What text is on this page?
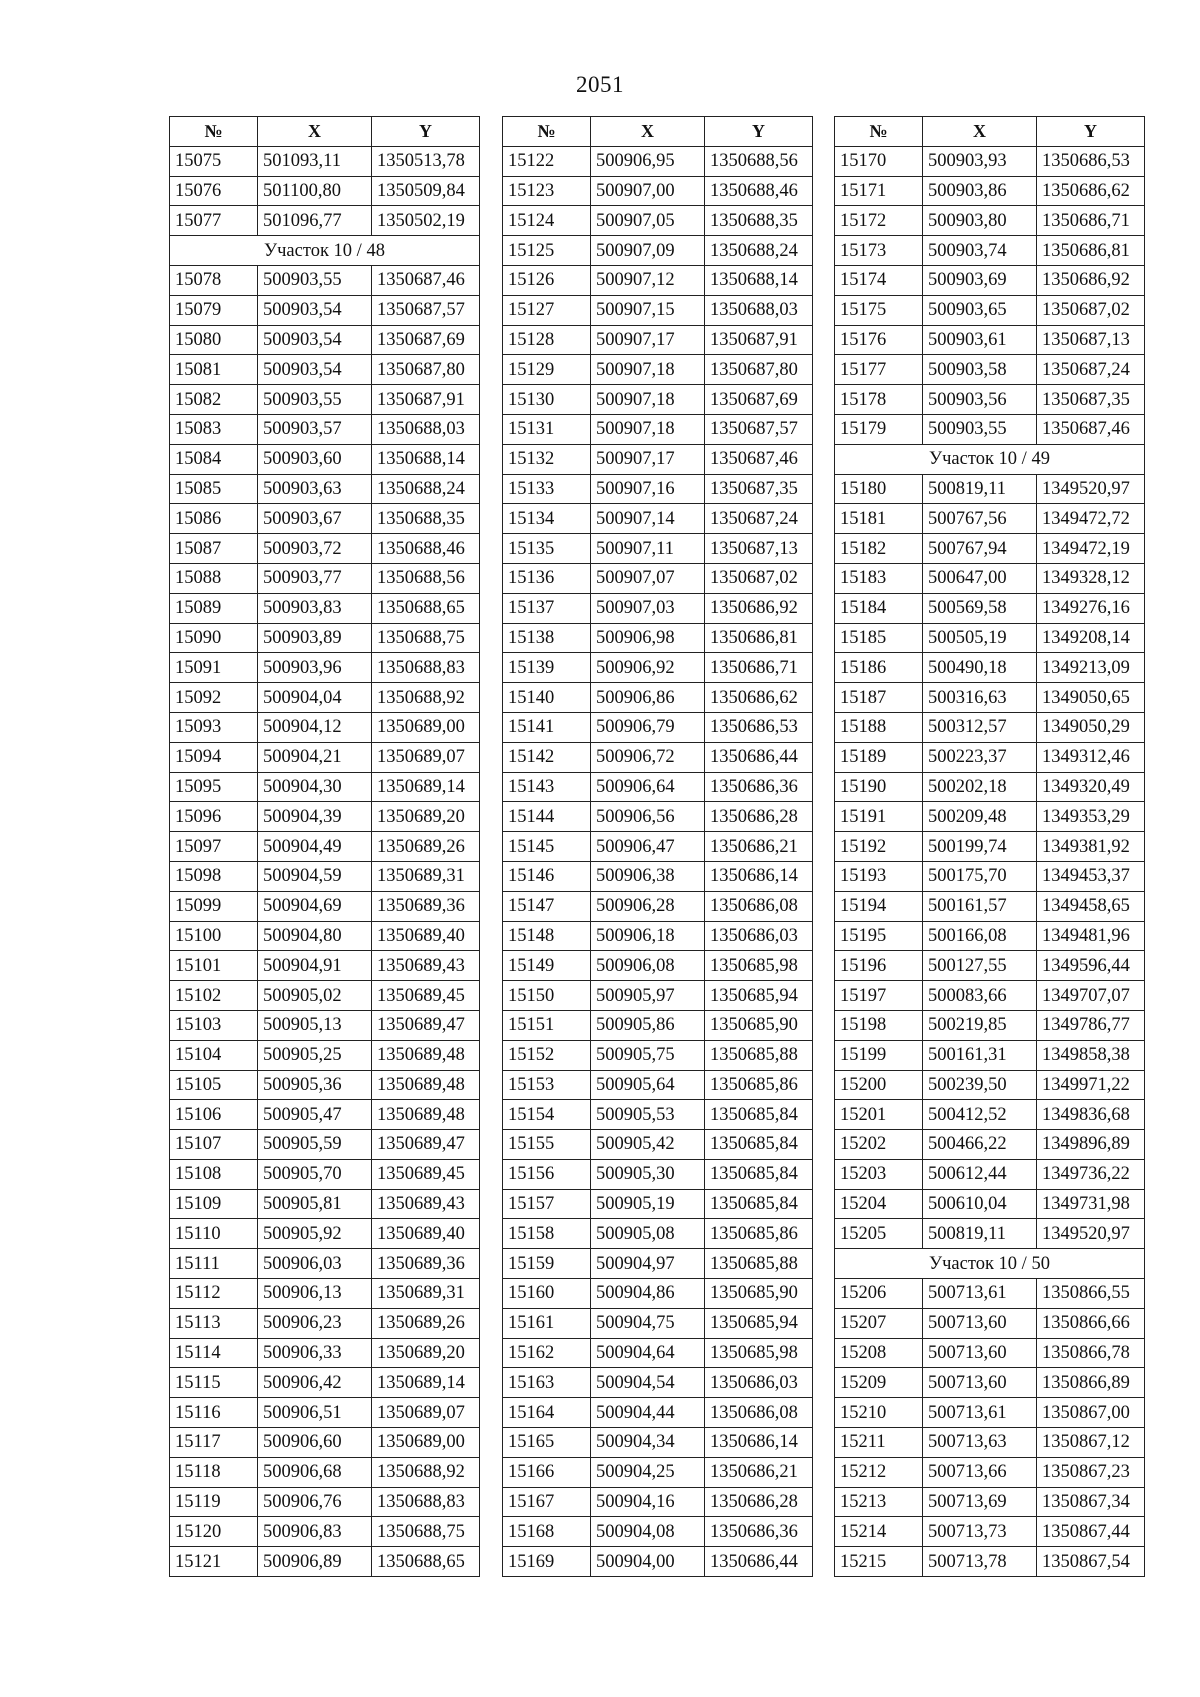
2051
№	X	Y
15075	501093,11	1350513,78
15076	501100,80	1350509,84
15077	501096,77	1350502,19
Участок 10 / 48		
15078	500903,55	1350687,46
15079	500903,54	1350687,57
15080	500903,54	1350687,69
15081	500903,54	1350687,80
15082	500903,55	1350687,91
15083	500903,57	1350688,03
15084	500903,60	1350688,14
15085	500903,63	1350688,24
15086	500903,67	1350688,35
15087	500903,72	1350688,46
15088	500903,77	1350688,56
15089	500903,83	1350688,65
15090	500903,89	1350688,75
15091	500903,96	1350688,83
15092	500904,04	1350688,92
15093	500904,12	1350689,00
15094	500904,21	1350689,07
15095	500904,30	1350689,14
15096	500904,39	1350689,20
15097	500904,49	1350689,26
15098	500904,59	1350689,31
15099	500904,69	1350689,36
15100	500904,80	1350689,40
15101	500904,91	1350689,43
15102	500905,02	1350689,45
15103	500905,13	1350689,47
15104	500905,25	1350689,48
15105	500905,36	1350689,48
15106	500905,47	1350689,48
15107	500905,59	1350689,47
15108	500905,70	1350689,45
15109	500905,81	1350689,43
15110	500905,92	1350689,40
15111	500906,03	1350689,36
15112	500906,13	1350689,31
15113	500906,23	1350689,26
15114	500906,33	1350689,20
15115	500906,42	1350689,14
15116	500906,51	1350689,07
15117	500906,60	1350689,00
15118	500906,68	1350688,92
15119	500906,76	1350688,83
15120	500906,83	1350688,75
15121	500906,89	1350688,65
№	X	Y
15122	500906,95	1350688,56
15123	500907,00	1350688,46
15124	500907,05	1350688,35
15125	500907,09	1350688,24
15126	500907,12	1350688,14
15127	500907,15	1350688,03
15128	500907,17	1350687,91
15129	500907,18	1350687,80
15130	500907,18	1350687,69
15131	500907,18	1350687,57
15132	500907,17	1350687,46
15133	500907,16	1350687,35
15134	500907,14	1350687,24
15135	500907,11	1350687,13
15136	500907,07	1350687,02
15137	500907,03	1350686,92
15138	500906,98	1350686,81
15139	500906,92	1350686,71
15140	500906,86	1350686,62
15141	500906,79	1350686,53
15142	500906,72	1350686,44
15143	500906,64	1350686,36
15144	500906,56	1350686,28
15145	500906,47	1350686,21
15146	500906,38	1350686,14
15147	500906,28	1350686,08
15148	500906,18	1350686,03
15149	500906,08	1350685,98
15150	500905,97	1350685,94
15151	500905,86	1350685,90
15152	500905,75	1350685,88
15153	500905,64	1350685,86
15154	500905,53	1350685,84
15155	500905,42	1350685,84
15156	500905,30	1350685,84
15157	500905,19	1350685,84
15158	500905,08	1350685,86
15159	500904,97	1350685,88
15160	500904,86	1350685,90
15161	500904,75	1350685,94
15162	500904,64	1350685,98
15163	500904,54	1350686,03
15164	500904,44	1350686,08
15165	500904,34	1350686,14
15166	500904,25	1350686,21
15167	500904,16	1350686,28
15168	500904,08	1350686,36
15169	500904,00	1350686,44
№	X	Y
15170	500903,93	1350686,53
15171	500903,86	1350686,62
15172	500903,80	1350686,71
15173	500903,74	1350686,81
15174	500903,69	1350686,92
15175	500903,65	1350687,02
15176	500903,61	1350687,13
15177	500903,58	1350687,24
15178	500903,56	1350687,35
15179	500903,55	1350687,46
Участок 10 / 49		
15180	500819,11	1349520,97
15181	500767,56	1349472,72
15182	500767,94	1349472,19
15183	500647,00	1349328,12
15184	500569,58	1349276,16
15185	500505,19	1349208,14
15186	500490,18	1349213,09
15187	500316,63	1349050,65
15188	500312,57	1349050,29
15189	500223,37	1349312,46
15190	500202,18	1349320,49
15191	500209,48	1349353,29
15192	500199,74	1349381,92
15193	500175,70	1349453,37
15194	500161,57	1349458,65
15195	500166,08	1349481,96
15196	500127,55	1349596,44
15197	500083,66	1349707,07
15198	500219,85	1349786,77
15199	500161,31	1349858,38
15200	500239,50	1349971,22
15201	500412,52	1349836,68
15202	500466,22	1349896,89
15203	500612,44	1349736,22
15204	500610,04	1349731,98
15205	500819,11	1349520,97
Участок 10 / 50		
15206	500713,61	1350866,55
15207	500713,60	1350866,66
15208	500713,60	1350866,78
15209	500713,60	1350866,89
15210	500713,61	1350867,00
15211	500713,63	1350867,12
15212	500713,66	1350867,23
15213	500713,69	1350867,34
15214	500713,73	1350867,44
15215	500713,78	1350867,54
